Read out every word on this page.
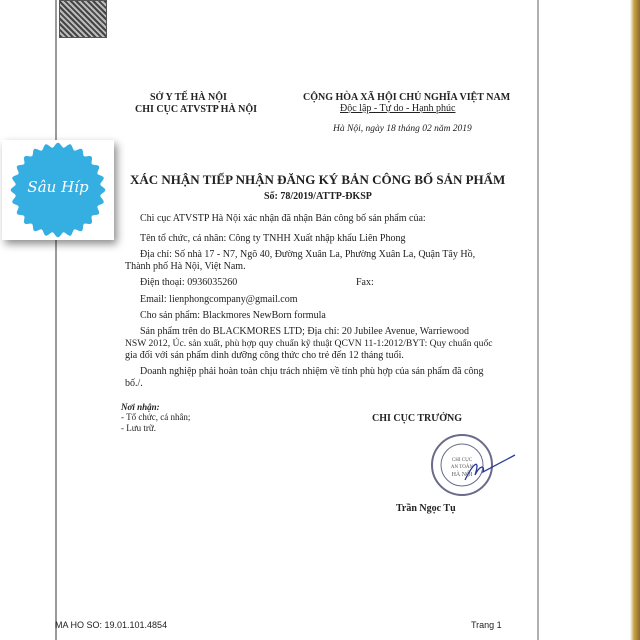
SỞ Y TẾ HÀ NỘI
CHI CỤC ATVSTP HÀ NỘI
CỘNG HÒA XÃ HỘI CHỦ NGHĨA VIỆT NAM
Độc lập - Tự do - Hạnh phúc
Hà Nội, ngày 18 tháng 02 năm 2019
XÁC NHẬN TIẾP NHẬN ĐĂNG KÝ BẢN CÔNG BỐ SẢN PHẨM
Số: 78/2019/ATTP-ĐKSP
Chi cục ATVSTP Hà Nội xác nhận đã nhận Bản công bố sản phẩm của:
Tên tổ chức, cá nhân: Công ty TNHH Xuất nhập khẩu Liên Phong
Địa chỉ: Số nhà 17 - N7, Ngõ 40, Đường Xuân La, Phường Xuân La, Quận Tây Hồ,
Thành phố Hà Nội, Việt Nam.
Điện thoại: 0936035260	Fax:
Email: lienphongcompany@gmail.com
Cho sản phẩm: Blackmores NewBorn formula
Sản phẩm trên do BLACKMORES LTD; Địa chỉ: 20 Jubilee Avenue, Warriewood
NSW 2012, Úc. sản xuất, phù hợp quy chuẩn kỹ thuật QCVN 11-1:2012/BYT: Quy chuẩn quốc
gia đối với sản phẩm dinh dưỡng công thức cho trẻ đến 12 tháng tuổi.
Doanh nghiệp phải hoàn toàn chịu trách nhiệm về tính phù hợp của sản phẩm đã công
bố./.
Nơi nhận:
- Tổ chức, cá nhân;
- Lưu trữ.
CHI CỤC TRƯỞNG
CHI CỤC
AN TOÀN
HÀ NỘI
Trần Ngọc Tụ
MA HO SO: 19.01.101.4854	Trang 1
Sâu Híp
